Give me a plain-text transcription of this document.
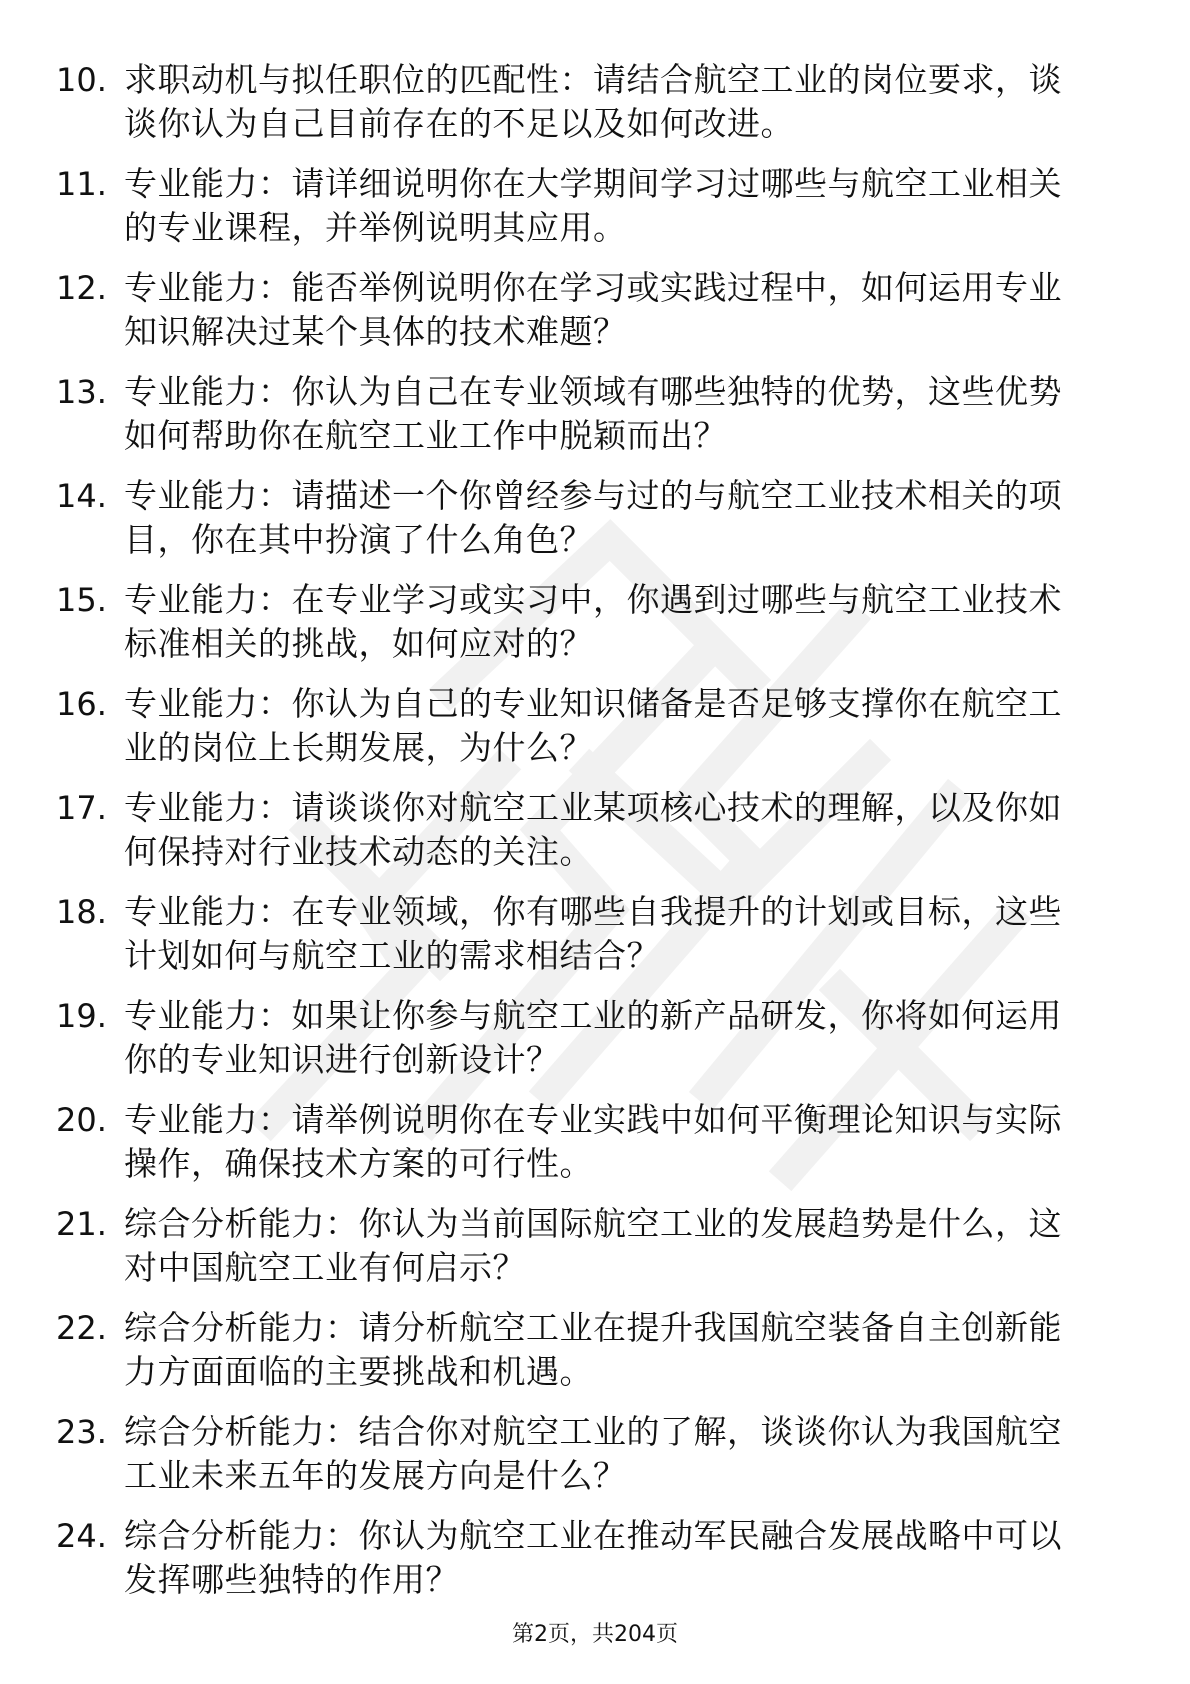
10. 求职动机与拟任职位的匹配性：请结合航空工业的岗位要求，谈
谈你认为自己目前存在的不足以及如何改进。
11. 专业能力：请详细说明你在大学期间学习过哪些与航空工业相关
的专业课程，并举例说明其应用。
12. 专业能力：能否举例说明你在学习或实践过程中，如何运用专业
知识解决过某个具体的技术难题？
13. 专业能力：你认为自己在专业领域有哪些独特的优势，这些优势
如何帮助你在航空工业工作中脱颖而出？
14. 专业能力：请描述一个你曾经参与过的与航空工业技术相关的项
目，你在其中扮演了什么角色？
15. 专业能力：在专业学习或实习中，你遇到过哪些与航空工业技术
标准相关的挑战，如何应对的？
16. 专业能力：你认为自己的专业知识储备是否足够支撑你在航空工
业的岗位上长期发展，为什么？
17. 专业能力：请谈谈你对航空工业某项核心技术的理解，以及你如
何保持对行业技术动态的关注。
18. 专业能力：在专业领域，你有哪些自我提升的计划或目标，这些
计划如何与航空工业的需求相结合？
19. 专业能力：如果让你参与航空工业的新产品研发，你将如何运用
你的专业知识进行创新设计？
20. 专业能力：请举例说明你在专业实践中如何平衡理论知识与实际
操作，确保技术方案的可行性。
21. 综合分析能力：你认为当前国际航空工业的发展趋势是什么，这
对中国航空工业有何启示？
22. 综合分析能力：请分析航空工业在提升我国航空装备自主创新能
力方面面临的主要挑战和机遇。
23. 综合分析能力：结合你对航空工业的了解，谈谈你认为我国航空
工业未来五年的发展方向是什么？
24. 综合分析能力：你认为航空工业在推动军民融合发展战略中可以
发挥哪些独特的作用？
第2页，共204页
